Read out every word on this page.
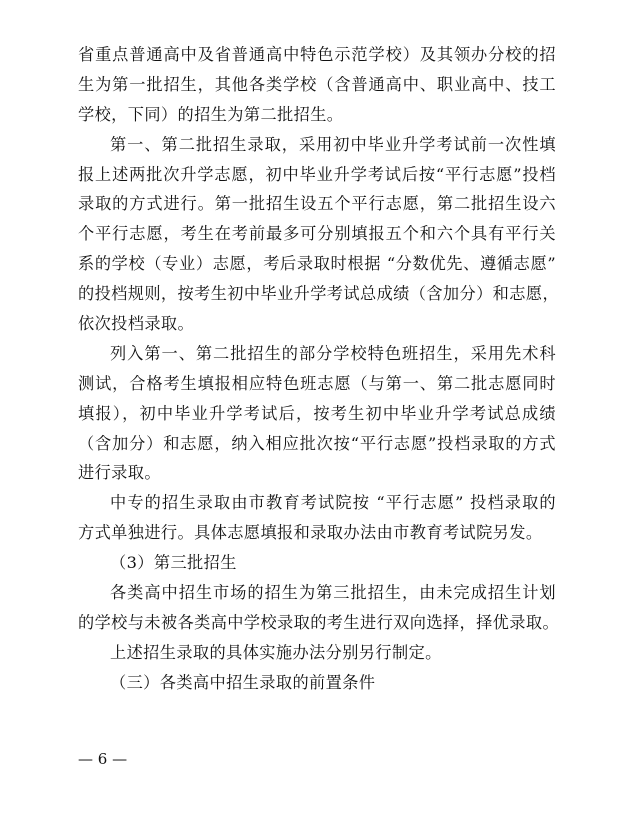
省重点普通高中及省普通高中特色示范学校）及其领办分校的招
生为第一批招生，其他各类学校（含普通高中、职业高中、技工
学校，下同）的招生为第二批招生。
第一、第二批招生录取，采用初中毕业升学考试前一次性填
报上述两批次升学志愿，初中毕业升学考试后按“平行志愿”投档
录取的方式进行。第一批招生设五个平行志愿，第二批招生设六
个平行志愿，考生在考前最多可分别填报五个和六个具有平行关
系的学校（专业）志愿，考后录取时根据 “分数优先、遵循志愿”
的投档规则，按考生初中毕业升学考试总成绩（含加分）和志愿，
依次投档录取。
列入第一、第二批招生的部分学校特色班招生，采用先术科
测试，合格考生填报相应特色班志愿（与第一、第二批志愿同时
填报），初中毕业升学考试后，按考生初中毕业升学考试总成绩
（含加分）和志愿，纳入相应批次按“平行志愿”投档录取的方式
进行录取。
中专的招生录取由市教育考试院按 “平行志愿” 投档录取的
方式单独进行。具体志愿填报和录取办法由市教育考试院另发。
（3）第三批招生
各类高中招生市场的招生为第三批招生，由未完成招生计划
的学校与未被各类高中学校录取的考生进行双向选择，择优录取。
上述招生录取的具体实施办法分别另行制定。
（三）各类高中招生录取的前置条件
— 6 —
